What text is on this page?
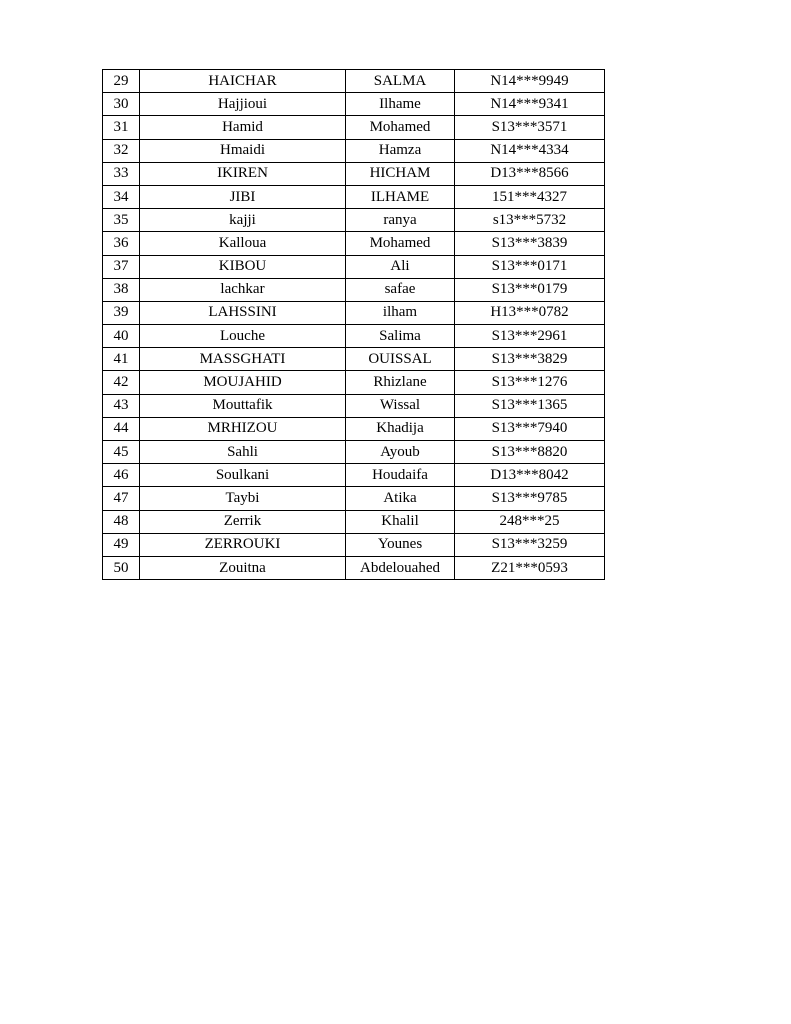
29	HAICHAR	SALMA	N14***9949
30	Hajjioui	Ilhame	N14***9341
31	Hamid	Mohamed	S13***3571
32	Hmaidi	Hamza	N14***4334
33	IKIREN	HICHAM	D13***8566
34	JIBI	ILHAME	151***4327
35	kajji	ranya	s13***5732
36	Kalloua	Mohamed	S13***3839
37	KIBOU	Ali	S13***0171
38	lachkar	safae	S13***0179
39	LAHSSINI	ilham	H13***0782
40	Louche	Salima	S13***2961
41	MASSGHATI	OUISSAL	S13***3829
42	MOUJAHID	Rhizlane	S13***1276
43	Mouttafik	Wissal	S13***1365
44	MRHIZOU	Khadija	S13***7940
45	Sahli	Ayoub	S13***8820
46	Soulkani	Houdaifa	D13***8042
47	Taybi	Atika	S13***9785
48	Zerrik	Khalil	248***25
49	ZERROUKI	Younes	S13***3259
50	Zouitna	Abdelouahed	Z21***0593
